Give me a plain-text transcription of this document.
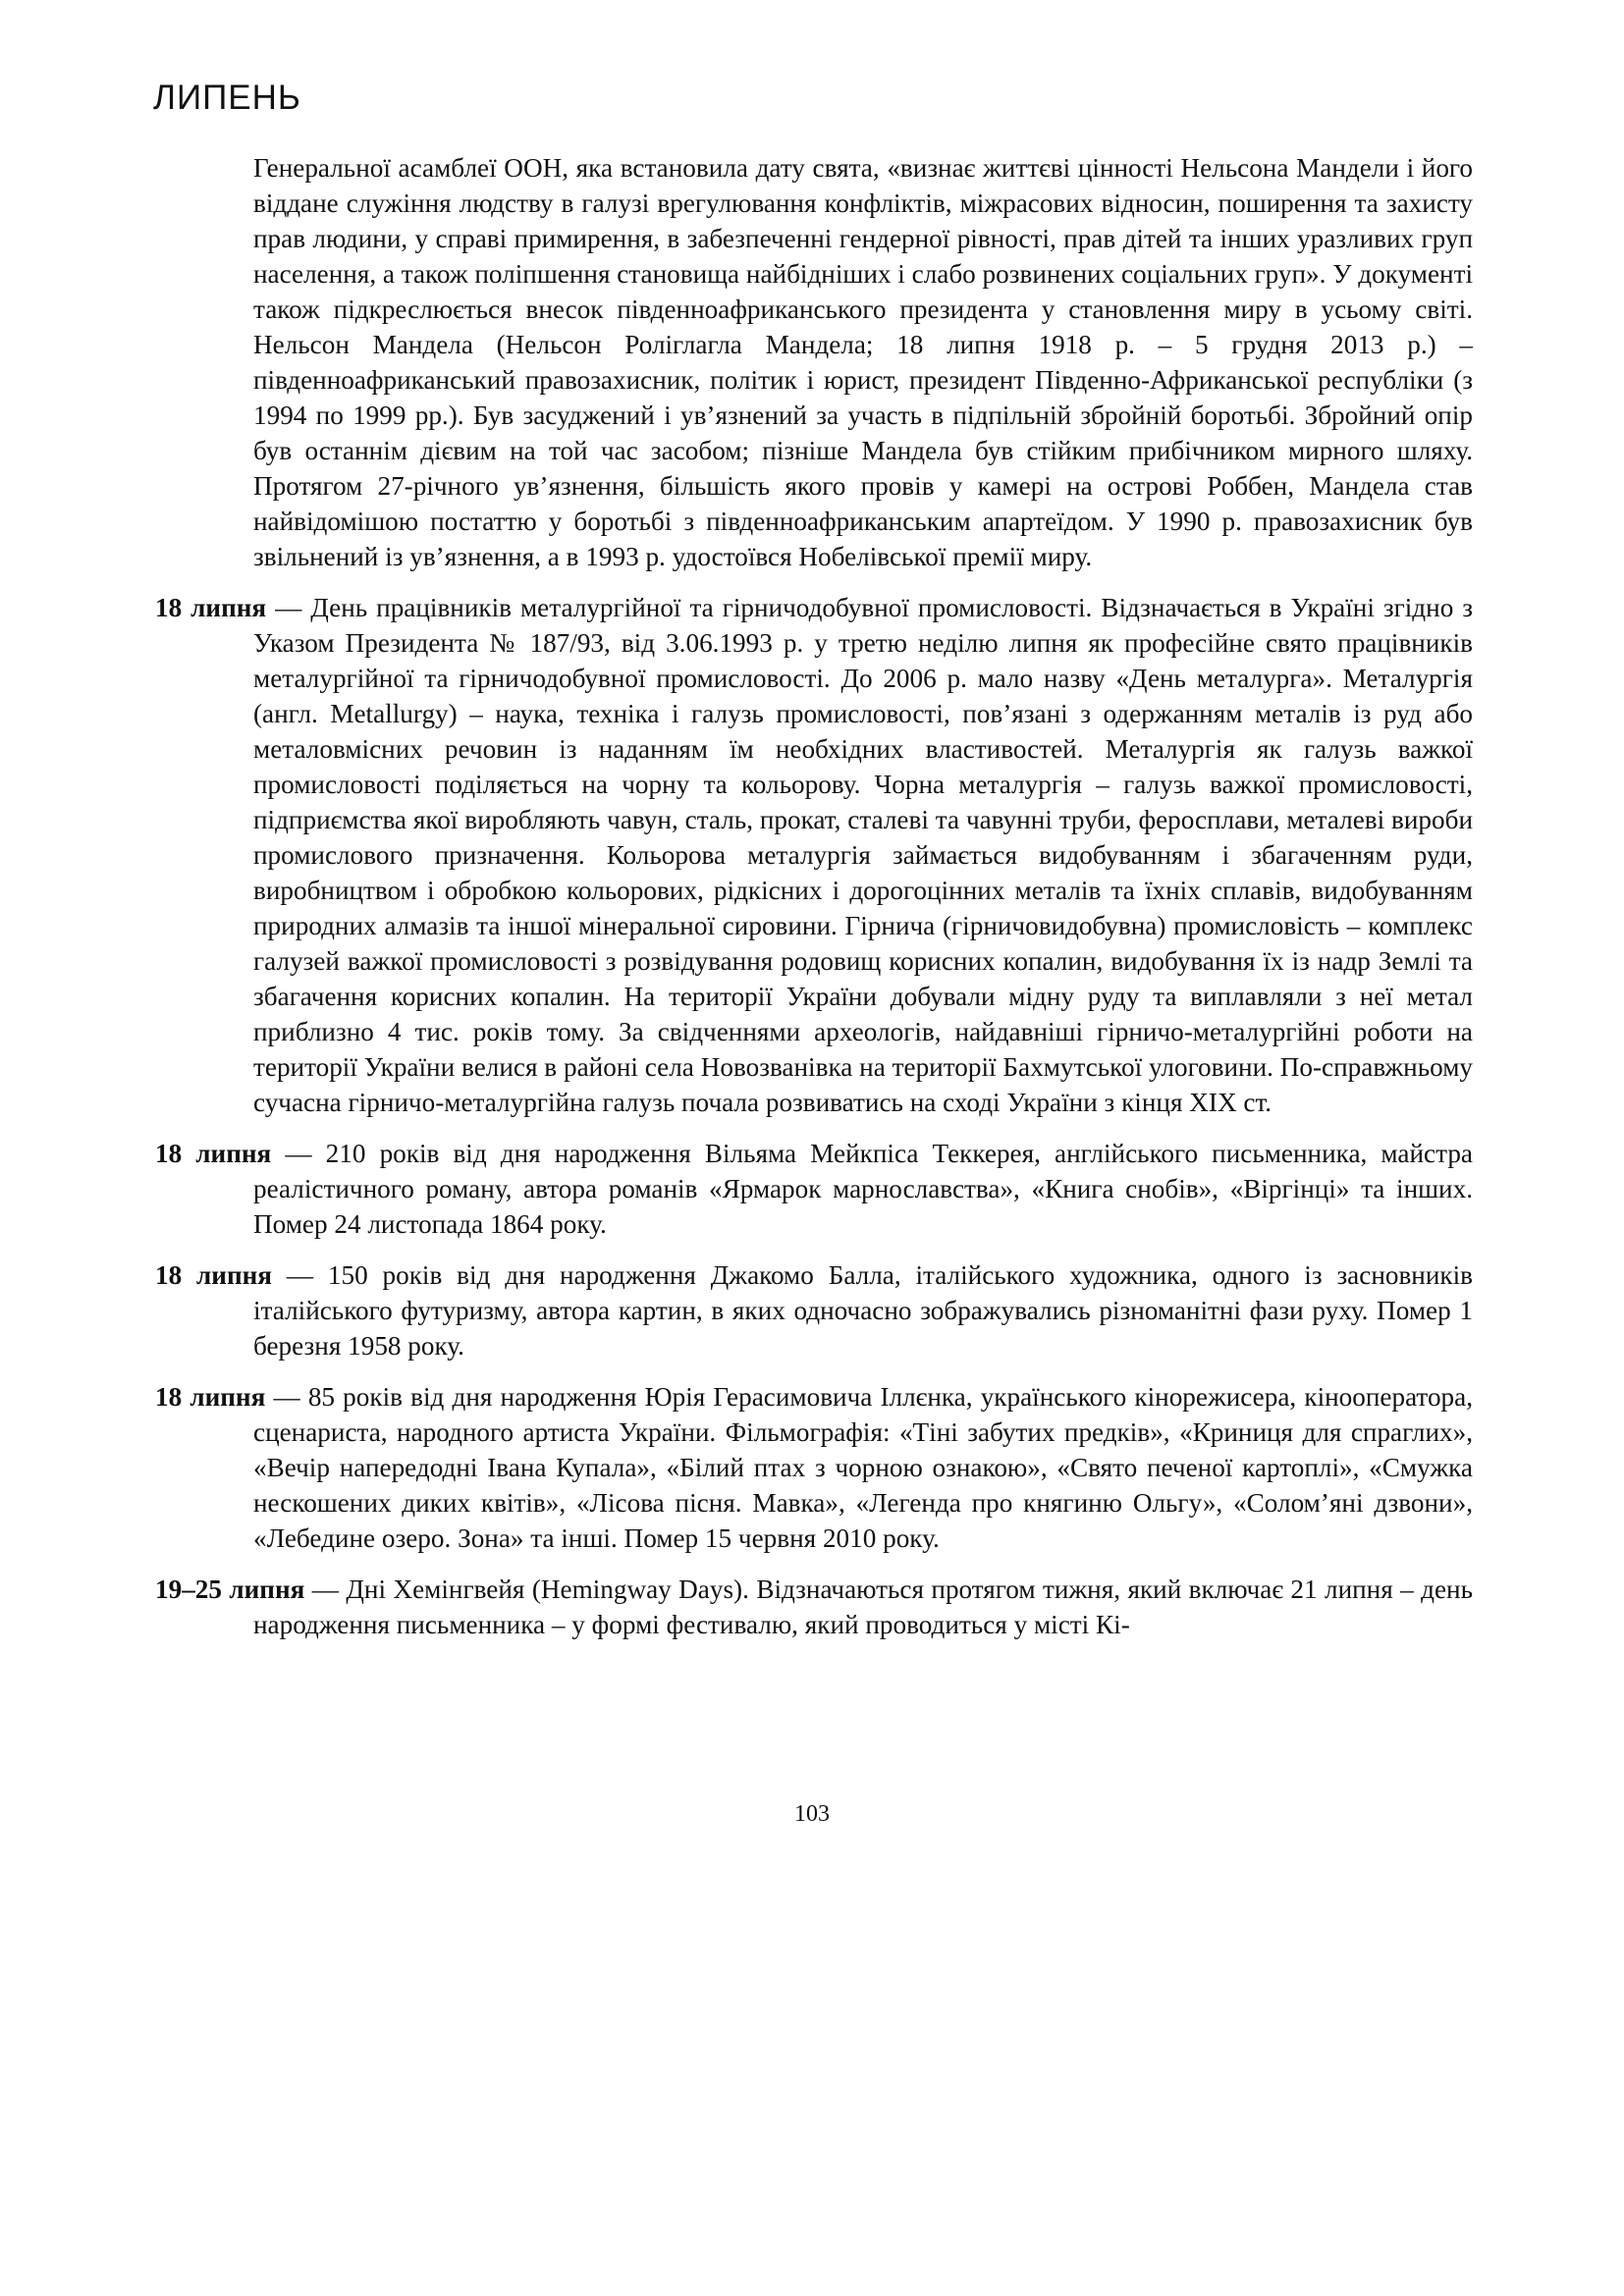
ЛИПЕНЬ

Генеральної асамблеї ООН, яка встановила дату свята, «визнає життєві цінності Нельсона Мандели і його віддане служіння людству в галузі врегулювання конфліктів, міжрасових відносин, поширення та захисту прав людини, у справі примирення, в забезпеченні гендерної рівності, прав дітей та інших уразливих груп населення, а також поліпшення становища найбідніших і слабо розвинених соціальних груп». У документі також підкреслюється внесок південноафриканського президента у становлення миру в усьому світі. Нельсон Мандела (Нельсон Роліглагла Мандела; 18 липня 1918 р. – 5 грудня 2013 р.) – південноафриканський правозахисник, політик і юрист, президент Південно-Африканської республіки (з 1994 по 1999 рр.). Був засуджений і ув’язнений за участь в підпільній збройній боротьбі. Збройний опір був останнім дієвим на той час засобом; пізніше Мандела був стійким прибічником мирного шляху. Протягом 27-річного ув’язнення, більшість якого провів у камері на острові Роббен, Мандела став найвідомішою постаттю у боротьбі з південноафриканським апартеїдом. У 1990 р. правозахисник був звільнений із ув’язнення, а в 1993 р. удостоївся Нобелівської премії миру.

18 липня — День працівників металургійної та гірничодобувної промисловості. Відзначається в Україні згідно з Указом Президента № 187/93, від 3.06.1993 р. у третю неділю липня як професійне свято працівників металургійної та гірничодобувної промисловості. До 2006 р. мало назву «День металурга». Металургія (англ. Metallurgy) – наука, техніка і галузь промисловості, пов’язані з одержанням металів із руд або металовмісних речовин із наданням їм необхідних властивостей. Металургія як галузь важкої промисловості поділяється на чорну та кольорову. Чорна металургія – галузь важкої промисловості, підприємства якої виробляють чавун, сталь, прокат, сталеві та чавунні труби, феросплави, металеві вироби промислового призначення. Кольорова металургія займається видобуванням і збагаченням руди, виробництвом і обробкою кольорових, рідкісних і дорогоцінних металів та їхніх сплавів, видобуванням природних алмазів та іншої мінеральної сировини. Гірнича (гірничовидобувна) промисловість – комплекс галузей важкої промисловості з розвідування родовищ корисних копалин, видобування їх із надр Землі та збагачення корисних копалин. На території України добували мідну руду та виплавляли з неї метал приблизно 4 тис. років тому. За свідченнями археологів, найдавніші гірничо-металургійні роботи на території України велися в районі села Новозванівка на території Бахмутської улоговини. По-справжньому сучасна гірничо-металургійна галузь почала розвиватись на сході України з кінця XIX ст.

18 липня — 210 років від дня народження Вільяма Мейкпіса Теккерея, англійського письменника, майстра реалістичного роману, автора романів «Ярмарок марнославства», «Книга снобів», «Віргінці» та інших. Помер 24 листопада 1864 року.

18 липня — 150 років від дня народження Джакомо Балла, італійського художника, одного із засновників італійського футуризму, автора картин, в яких одночасно зображувались різноманітні фази руху. Помер 1 березня 1958 року.

18 липня — 85 років від дня народження Юрія Герасимовича Іллєнка, українського кінорежисера, кінооператора, сценариста, народного артиста України. Фільмографія: «Тіні забутих предків», «Криниця для спраглих», «Вечір напередодні Івана Купала», «Білий птах з чорною ознакою», «Свято печеної картоплі», «Смужка нескошених диких квітів», «Лісова пісня. Мавка», «Легенда про княгиню Ольгу», «Солом’яні дзвони», «Лебедине озеро. Зона» та інші. Помер 15 червня 2010 року.

19–25 липня — Дні Хемінгвейя (Hemingway Days). Відзначаються протягом тижня, який включає 21 липня – день народження письменника – у формі фестивалю, який проводиться у місті Кі-

103
